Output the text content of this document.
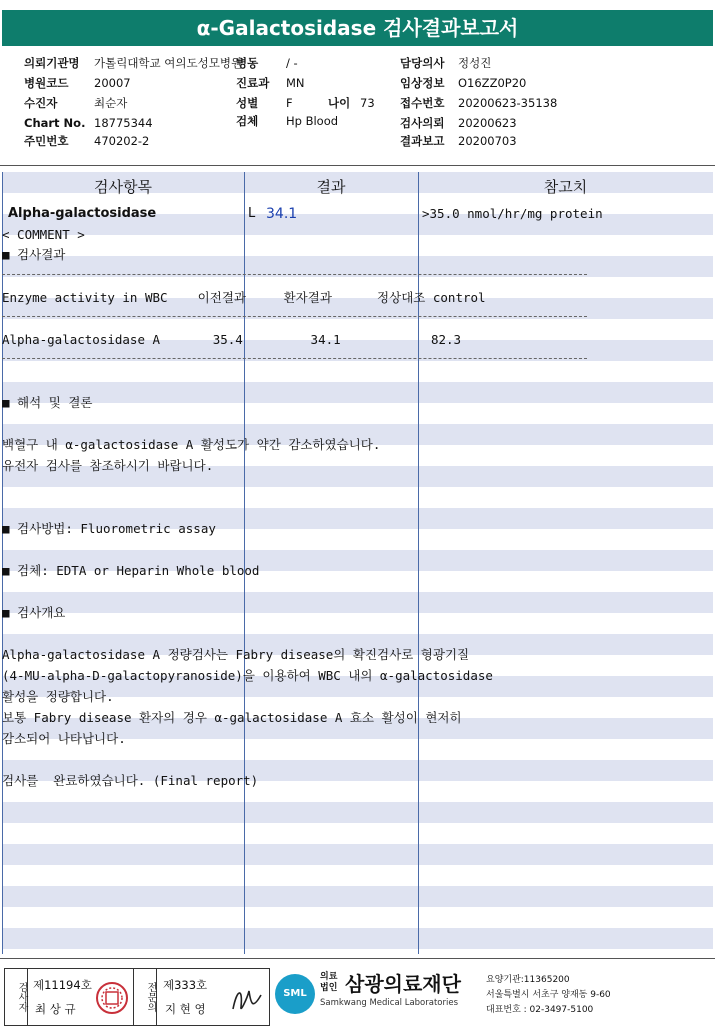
α-Galactosidase 검사결과보고서
의뢰기관명 가톨릭대학교 여의도성모병원
병원코드 20007
수진자	최순자
Chart No. 18775344
주민번호 470202-2
병동 / -
진료과 MN
성별 F	나이 73
검체 Hp Blood
담당의사 정성진
임상정보 O16ZZ0P20
접수번호 20200623-35138
검사의뢰 20200623
결과보고 20200703
검사항목	결과	참고치
Alpha-galactosidase	L 34.1	>35.0 nmol/hr/mg protein
< COMMENT >
■ 검사결과
Enzyme activity in WBC    이전결과     환자결과      정상대조 control
Alpha-galactosidase A       35.4         34.1            82.3
■ 해석 및 결론
백혈구 내 α-galactosidase A 활성도가 약간 감소하였습니다.
유전자 검사를 참조하시기 바랍니다.
■ 검사방법: Fluorometric assay
■ 검체: EDTA or Heparin Whole blood
■ 검사개요
Alpha-galactosidase A 정량검사는 Fabry disease의 확진검사로 형광기질
(4-MU-alpha-D-galactopyranoside)을 이용하여 WBC 내의 α-galactosidase
활성을 정량합니다.
보통 Fabry disease 환자의 경우 α-galactosidase A 효소 활성이 현저히
감소되어 나타납니다.
검사를  완료하였습니다. (Final report)
검사자 제11194호
최 상 규	전문의 제333호
지 현 영
SML
의료법인 삼광의료재단
Samkwang Medical Laboratories
요양기관:11365200
서울특별시 서초구 양재동 9-60
대표번호 : 02-3497-5100
